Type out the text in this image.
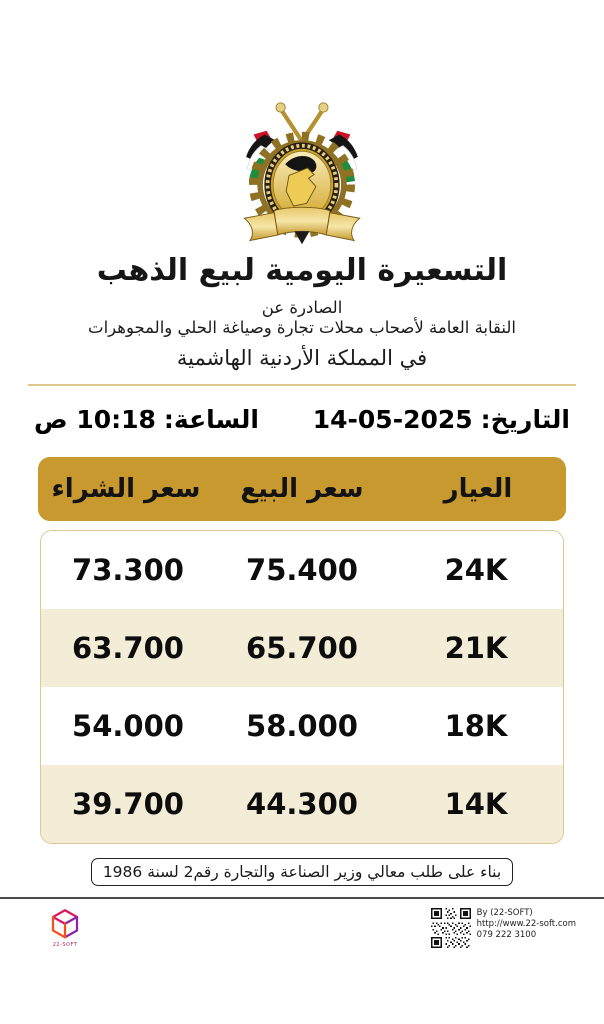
التسعيرة اليومية لبيع الذهب
الصادرة عن
النقابة العامة لأصحاب محلات تجارة وصياغة الحلي والمجوهرات
في المملكة الأردنية الهاشمية
التاريخ:
14-05-2025
الساعة:
10:18 ص
العيار
سعر البيع
سعر الشراء
24K
75.400
73.300
21K
65.700
63.700
18K
58.000
54.000
14K
44.300
39.700
بناء على طلب معالي وزير الصناعة والتجارة رقم2 لسنة 1986
22-SOFT
By (22-SOFT)
http://www.22-soft.com
079 222 3100
